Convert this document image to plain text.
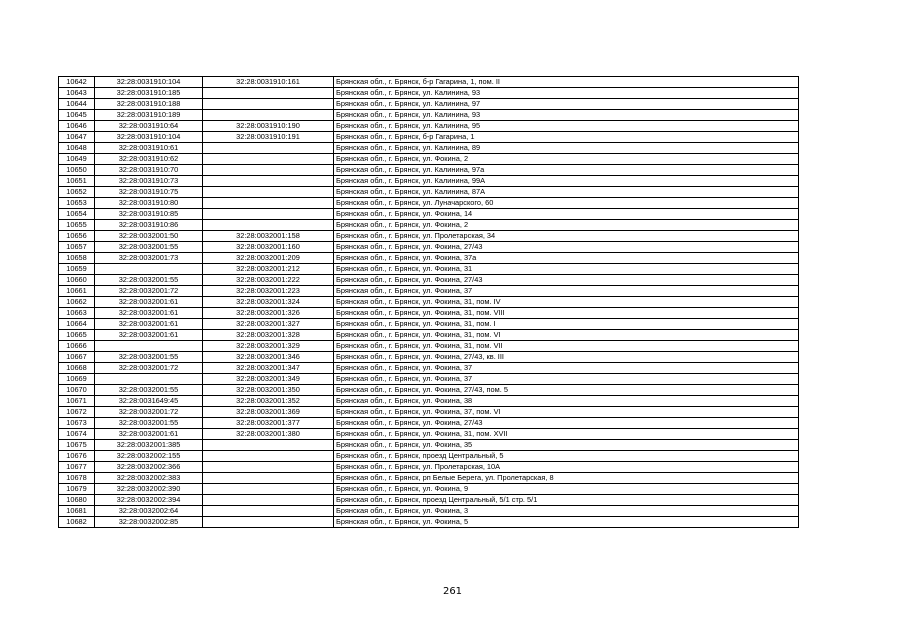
10642	32:28:0031910:104	32:28:0031910:161	Брянская обл., г. Брянск, б-р Гагарина, 1, пом. II
10643	32:28:0031910:185		Брянская обл., г. Брянск, ул. Калинина, 93
10644	32:28:0031910:188		Брянская обл., г. Брянск, ул. Калинина, 97
10645	32:28:0031910:189		Брянская обл., г. Брянск, ул. Калинина, 93
10646	32:28:0031910:64	32:28:0031910:190	Брянская обл., г. Брянск, ул. Калинина, 95
10647	32:28:0031910:104	32:28:0031910:191	Брянская обл., г. Брянск, б-р Гагарина, 1
10648	32:28:0031910:61		Брянская обл., г. Брянск, ул. Калинина, 89
10649	32:28:0031910:62		Брянская обл., г. Брянск, ул. Фокина, 2
10650	32:28:0031910:70		Брянская обл., г. Брянск, ул. Калинина, 97а
10651	32:28:0031910:73		Брянская обл., г. Брянск, ул. Калинина, 99А
10652	32:28:0031910:75		Брянская обл., г. Брянск, ул. Калинина, 87А
10653	32:28:0031910:80		Брянская обл., г. Брянск, ул. Луначарского, 60
10654	32:28:0031910:85		Брянская обл., г. Брянск, ул. Фокина, 14
10655	32:28:0031910:86		Брянская обл., г. Брянск, ул. Фокина, 2
10656	32:28:0032001:50	32:28:0032001:158	Брянская обл., г. Брянск, ул. Пролетарская, 34
10657	32:28:0032001:55	32:28:0032001:160	Брянская обл., г. Брянск, ул. Фокина, 27/43
10658	32:28:0032001:73	32:28:0032001:209	Брянская обл., г. Брянск, ул. Фокина, 37а
10659		32:28:0032001:212	Брянская обл., г. Брянск, ул. Фокина, 31
10660	32:28:0032001:55	32:28:0032001:222	Брянская обл., г. Брянск, ул. Фокина, 27/43
10661	32:28:0032001:72	32:28:0032001:223	Брянская обл., г. Брянск, ул. Фокина, 37
10662	32:28:0032001:61	32:28:0032001:324	Брянская обл., г. Брянск, ул. Фокина, 31, пом. IV
10663	32:28:0032001:61	32:28:0032001:326	Брянская обл., г. Брянск, ул. Фокина, 31, пом. VIII
10664	32:28:0032001:61	32:28:0032001:327	Брянская обл., г. Брянск, ул. Фокина, 31, пом. I
10665	32:28:0032001:61	32:28:0032001:328	Брянская обл., г. Брянск, ул. Фокина, 31, пом. VI
10666		32:28:0032001:329	Брянская обл., г. Брянск, ул. Фокина, 31, пом. VII
10667	32:28:0032001:55	32:28:0032001:346	Брянская обл., г. Брянск, ул. Фокина, 27/43, кв. III
10668	32:28:0032001:72	32:28:0032001:347	Брянская обл., г. Брянск, ул. Фокина, 37
10669		32:28:0032001:349	Брянская обл., г. Брянск, ул. Фокина, 37
10670	32:28:0032001:55	32:28:0032001:350	Брянская обл., г. Брянск, ул. Фокина, 27/43, пом. 5
10671	32:28:0031649:45	32:28:0032001:352	Брянская обл., г. Брянск, ул. Фокина, 38
10672	32:28:0032001:72	32:28:0032001:369	Брянская обл., г. Брянск, ул. Фокина, 37, пом. VI
10673	32:28:0032001:55	32:28:0032001:377	Брянская обл., г. Брянск, ул. Фокина, 27/43
10674	32:28:0032001:61	32:28:0032001:380	Брянская обл., г. Брянск, ул. Фокина, 31, пом. XVII
10675	32:28:0032001:385		Брянская обл., г. Брянск, ул. Фокина, 35
10676	32:28:0032002:155		Брянская обл., г. Брянск, проезд Центральный, 5
10677	32:28:0032002:366		Брянская обл., г. Брянск, ул. Пролетарская, 10А
10678	32:28:0032002:383		Брянская обл., г. Брянск, рп Белые Берега, ул. Пролетарская, 8
10679	32:28:0032002:390		Брянская обл., г. Брянск, ул. Фокина, 9
10680	32:28:0032002:394		Брянская обл., г. Брянск, проезд Центральный, 5/1 стр. 5/1
10681	32:28:0032002:64		Брянская обл., г. Брянск, ул. Фокина, 3
10682	32:28:0032002:85		Брянская обл., г. Брянск, ул. Фокина, 5
261
